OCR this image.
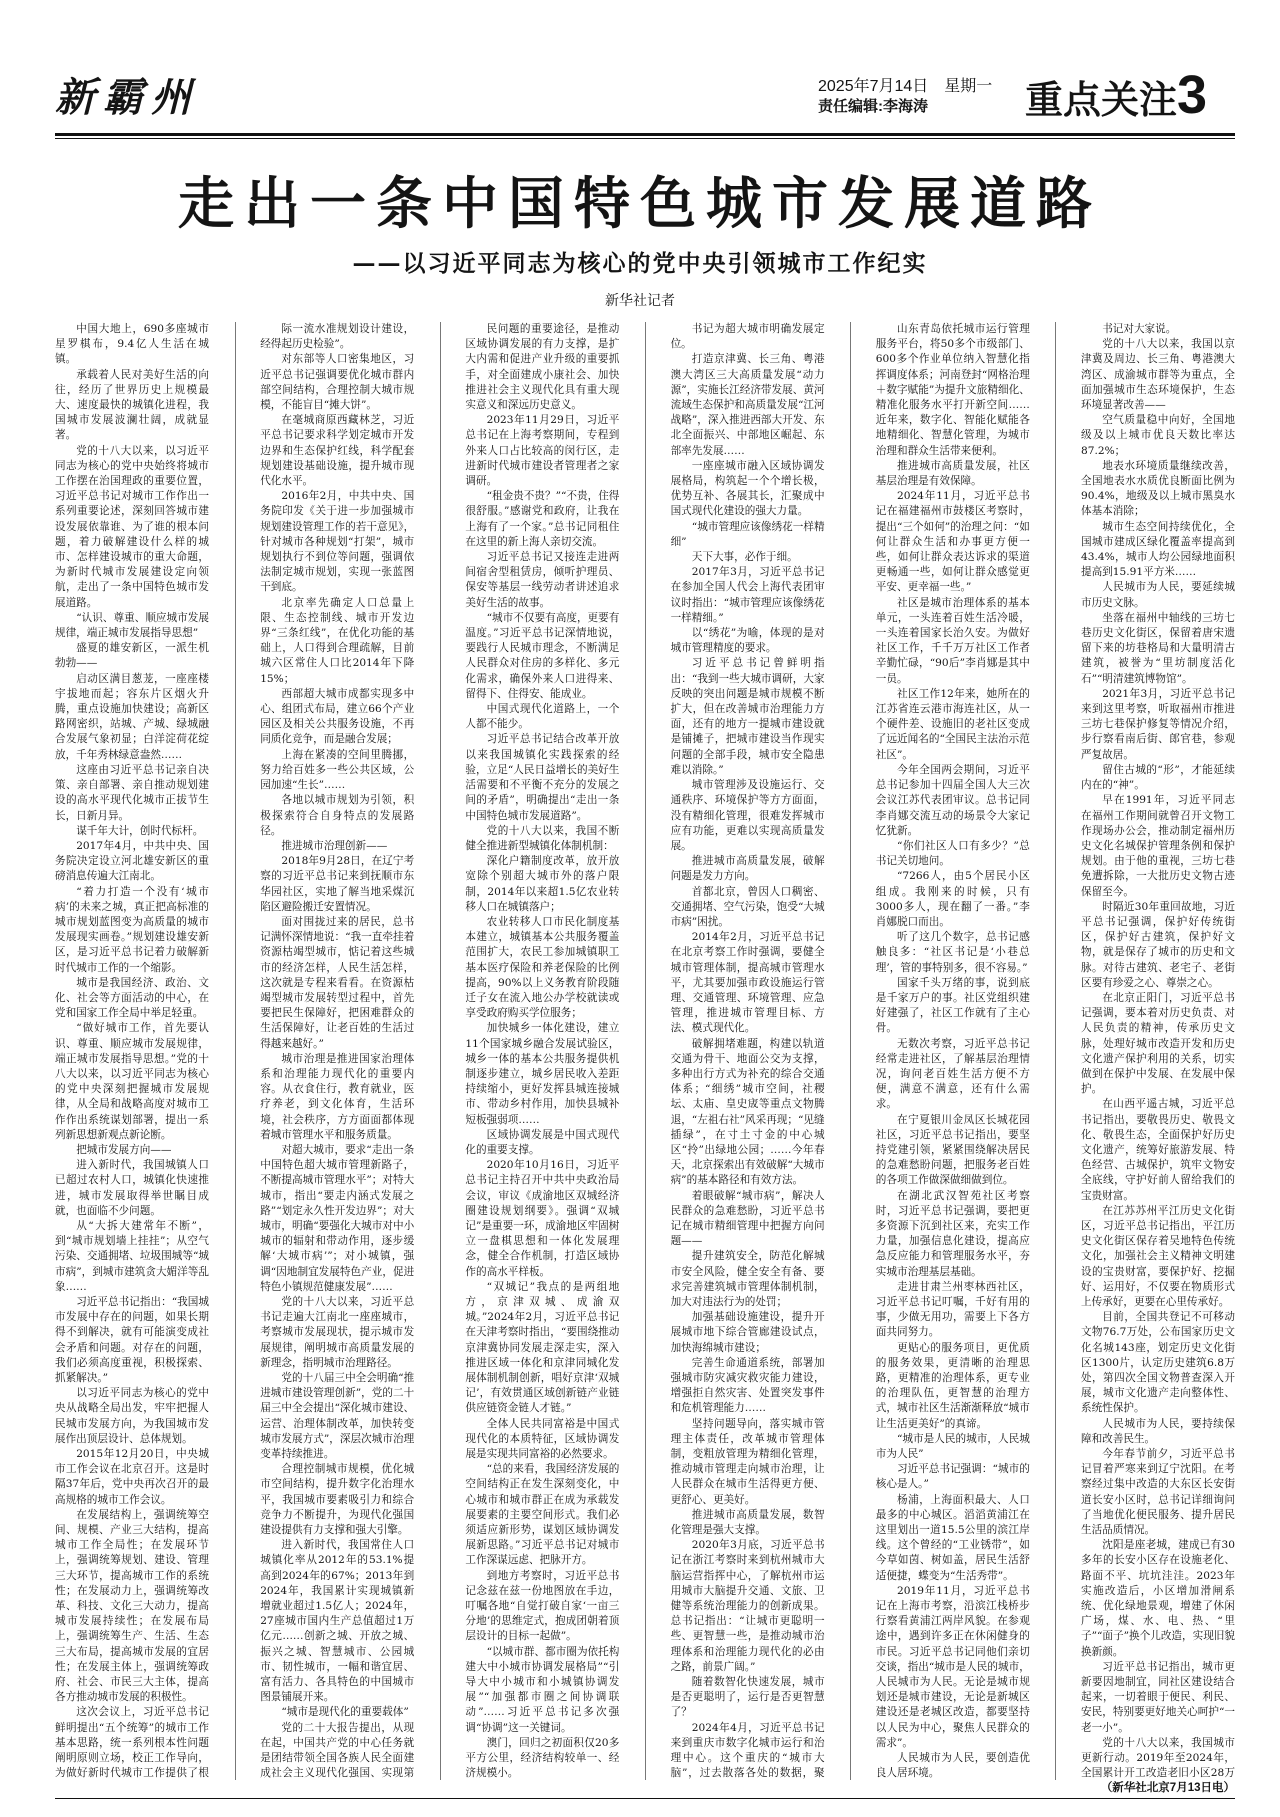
新霸州	2025年7月14日　星期一
责任编辑:李海涛	重点关注3
走出一条中国特色城市发展道路
——以习近平同志为核心的党中央引领城市工作纪实
新华社记者

中国大地上，690多座城市星罗棋布，9.4亿人生活在城镇。

承载着人民对美好生活的向往，经历了世界历史上规模最大、速度最快的城镇化进程，我国城市发展波澜壮阔，成就显著。

党的十八大以来，以习近平同志为核心的党中央始终将城市工作摆在治国理政的重要位置，习近平总书记对城市工作作出一系列重要论述，深刻回答城市建设发展依靠谁、为了谁的根本问题，着力破解建设什么样的城市、怎样建设城市的重大命题，为新时代城市发展建设定向领航，走出了一条中国特色城市发展道路。

“认识、尊重、顺应城市发展规律，端正城市发展指导思想”

盛夏的雄安新区，一派生机勃勃——

启动区满目葱茏，一座座楼宇拔地而起；容东片区烟火升腾，重点设施加快建设；高新区路网密织，站城、产城、绿城融合发展气象初显；白洋淀荷花绽放，千年秀林绿意盎然……

这座由习近平总书记亲自决策、亲自部署、亲自推动规划建设的高水平现代化城市正拔节生长，日新月异。

谋千年大计，创时代标杆。

2017年4月，中共中央、国务院决定设立河北雄安新区的重磅消息传遍大江南北。

“着力打造一个没有‘城市病’的未来之城，真正把高标准的城市规划蓝图变为高质量的城市发展现实画卷。”规划建设雄安新区，是习近平总书记着力破解新时代城市工作的一个缩影。

城市是我国经济、政治、文化、社会等方面活动的中心，在党和国家工作全局中举足轻重。

“做好城市工作，首先要认识、尊重、顺应城市发展规律，端正城市发展指导思想。”党的十八大以来，以习近平同志为核心的党中央深刻把握城市发展规律，从全局和战略高度对城市工作作出系统谋划部署，提出一系列新思想新观点新论断。

把城市发展方向——

进入新时代，我国城镇人口已超过农村人口，城镇化快速推进，城市发展取得举世瞩目成就，也面临不少问题。

从“大拆大建常年不断”，到“城市规划墙上挂挂”；从空气污染、交通拥堵、垃圾围城等“城市病”，到城市建筑贪大媚洋等乱象……

习近平总书记指出：“我国城市发展中存在的问题，如果长期得不到解决，就有可能演变成社会矛盾和问题。对存在的问题，我们必须高度重视，积极探索、抓紧解决。”

以习近平同志为核心的党中央从战略全局出发，牢牢把握人民城市发展方向，为我国城市发展作出顶层设计、总体规划。

2015年12月20日，中央城市工作会议在北京召开。这是时隔37年后，党中央再次召开的最高规格的城市工作会议。

在发展结构上，强调统筹空间、规模、产业三大结构，提高城市工作全局性；在发展环节上，强调统筹规划、建设、管理三大环节，提高城市工作的系统性；在发展动力上，强调统筹改革、科技、文化三大动力，提高城市发展持续性；在发展布局上，强调统筹生产、生活、生态三大布局，提高城市发展的宜居性；在发展主体上，强调统筹政府、社会、市民三大主体，提高各方推动城市发展的积极性。

这次会议上，习近平总书记鲜明提出“五个统筹”的城市工作基本思路，统一系列根本性问题阐明原则立场，校正工作导向，为做好新时代城市工作提供了根

际一流水准规划设计建设，经得起历史检验”。

对东部等人口密集地区，习近平总书记强调要优化城市群内部空间结构，合理控制大城市规模，不能盲目“摊大饼”。

在毫城商原西藏林芝，习近平总书记要求科学划定城市开发边界和生态保护红线，科学配套规划建设基础设施，提升城市现代化水平。

2016年2月，中共中央、国务院印发《关于进一步加强城市规划建设管理工作的若干意见》，针对城市各种规划“打架”，城市规划执行不到位等问题，强调依法制定城市规划，实现一张蓝图干到底。

北京率先确定人口总量上限、生态控制线、城市开发边界“三条红线”，在优化功能的基础上，人口得到合理疏解，目前城六区常住人口比2014年下降15%；

西部超大城市成都实现多中心、组团式布局，建立66个产业园区及相关公共服务设施，不再同质化竞争，而是融合发展；

上海在紧凑的空间里腾挪，努力给百姓多一些公共区域，公园加速“生长”……

各地以城市规划为引领，积极探索符合自身特点的发展路径。

推进城市治理创新——

2018年9月28日，在辽宁考察的习近平总书记来到抚顺市东华园社区，实地了解当地采煤沉陷区避险搬迁安置情况。

面对围拢过来的居民，总书记满怀深情地说：“我一直牵挂着资源枯竭型城市，惦记着这些城市的经济怎样，人民生活怎样，这次就是专程来看看。在资源枯竭型城市发展转型过程中，首先要把民生保障好，把困难群众的生活保障好，让老百姓的生活过得越来越好。”

城市治理是推进国家治理体系和治理能力现代化的重要内容。从衣食住行，教育就业，医疗养老，到文化体育，生活环境，社会秩序，方方面面都体现着城市管理水平和服务质量。

对超大城市，要求“走出一条中国特色超大城市管理新路子，不断提高城市管理水平”；对特大城市，指出“要走内涵式发展之路”“划定永久性开发边界”；对大城市，明确“要强化大城市对中小城市的辐射和带动作用，逐步缓解‘大城市病’”；对小城镇，强调“因地制宜发展特色产业，促进特色小镇规范健康发展”……

党的十八大以来，习近平总书记走遍大江南北一座座城市，考察城市发展现状，提示城市发展规律，阐明城市高质量发展的新理念，指明城市治理路径。

党的十八届三中全会明确“推进城市建设管理创新”，党的二十届三中全会提出“深化城市建设、运营、治理体制改革，加快转变城市发展方式”，深层次城市治理变革持续推进。

合理控制城市规模，优化城市空间结构，提升数字化治理水平，我国城市要素吸引力和综合竞争力不断提升，为现代化强国建设提供有力支撑和强大引擎。

进入新时代，我国常住人口城镇化率从2012年的53.1%提高到2024年的67%；2013年到2024年，我国累计实现城镇新增就业超过1.5亿人；2024年，27座城市国内生产总值超过1万亿元……创新之城、开放之城、振兴之城、智慧城市、公园城市、韧性城市，一幅和谐宜居、富有活力、各具特色的中国城市图景铺展开来。

“城市是现代化的重要载体”

党的二十大报告提出，从现在起，中国共产党的中心任务就是团结带领全国各族人民全面建成社会主义现代化强国、实现第

民问题的重要途径，是推动区域协调发展的有力支撑，是扩大内需和促进产业升级的重要抓手，对全面建成小康社会、加快推进社会主义现代化具有重大现实意义和深远历史意义。

2023年11月29日，习近平总书记在上海考察期间，专程到外来人口占比较高的闵行区，走进新时代城市建设者管理者之家调研。

“租金贵不贵？”“不贵，住得很舒服。”感谢党和政府，让我在上海有了一个家。”总书记同租住在这里的新上海人亲切交流。

习近平总书记又接连走进两间宿舍型租赁房，倾听护理员、保安等基层一线劳动者讲述追求美好生活的故事。

“城市不仅要有高度，更要有温度。”习近平总书记深情地说，要践行人民城市理念，不断满足人民群众对住房的多样化、多元化需求，确保外来人口进得来、留得下、住得安、能成业。

中国式现代化道路上，一个人都不能少。

习近平总书记结合改革开放以来我国城镇化实践探索的经验，立足“人民日益增长的美好生活需要和不平衡不充分的发展之间的矛盾”，明确提出“走出一条中国特色城市发展道路”。

党的十八大以来，我国不断健全推进新型城镇化体制机制：

深化户籍制度改革，放开放宽除个别超大城市外的落户限制，2014年以来超1.5亿农业转移人口在城镇落户；

农业转移人口市民化制度基本建立，城镇基本公共服务覆盖范围扩大，农民工参加城镇职工基本医疗保险和养老保险的比例提高，90%以上义务教育阶段随迁子女在流入地公办学校就读或享受政府购买学位服务；

加快城乡一体化建设，建立11个国家城乡融合发展试验区，城乡一体的基本公共服务提供机制逐步建立，城乡居民收入差距持续缩小，更好发挥县城连接城市、带动乡村作用，加快县城补短板强弱项……

区域协调发展是中国式现代化的重要支撑。

2020年10月16日，习近平总书记主持召开中共中央政治局会议，审议《成渝地区双城经济圈建设规划纲要》。强调“双城记”是重要一环，成渝地区牢固树立一盘棋思想和一体化发展理念，健全合作机制，打造区域协作的高水平样板。

“双城记”我点的是两组地方，京津双城、成渝双城。”2024年2月，习近平总书记在天津考察时指出，“要围绕推动京津冀协同发展走深走实，深入推进区域一体化和京津同城化发展体制机制创新，唱好京津‘双城记’，有效贯通区域创新链产业链供应链资金链人才链。”

全体人民共同富裕是中国式现代化的本质特征，区域协调发展是实现共同富裕的必然要求。

“总的来看，我国经济发展的空间结构正在发生深刻变化，中心城市和城市群正在成为承载发展要素的主要空间形式。我们必须适应新形势，谋划区域协调发展新思路。”习近平总书记对城市工作深谋远虑、把脉开方。

到地方考察时，习近平总书记念兹在兹一份地图放在手边，叮嘱各地“自觉打破自家‘一亩三分地’的思维定式，抱成团朝着顶层设计的目标一起做”。

“以城市群、都市圈为依托构建大中小城市协调发展格局”“引导大中小城市和小城镇协调发展”“加强都市圈之间协调联动”……习近平总书记多次强调“协调”这一关键词。

澳门，回归之初面积仅20多平方公里，经济结构较单一、经济规模小。

书记为超大城市明确发展定位。

打造京津冀、长三角、粤港澳大湾区三大高质量发展“动力源”，实施长江经济带发展、黄河流域生态保护和高质量发展“江河战略”，深入推进西部大开发、东北全面振兴、中部地区崛起、东部率先发展……

一座座城市融入区域协调发展格局，构筑起一个个增长极，优势互补、各展其长，汇聚成中国式现代化建设的强大力量。

“城市管理应该像绣花一样精细”

天下大事，必作于细。

2017年3月，习近平总书记在参加全国人代会上海代表团审议时指出：“城市管理应该像绣花一样精细。”

以“绣花”为喻，体现的是对城市管理精度的要求。

习近平总书记曾鲜明指出：“我到一些大城市调研，大家反映的突出问题是城市规模不断扩大，但在改善城市治理能力方面，还有的地方一提城市建设就是铺摊子，把城市建设当作现实问题的全部手段，城市安全隐患难以消除。”

城市管理涉及设施运行、交通秩序、环境保护等方方面面，没有精细化管理，很难发挥城市应有功能，更难以实现高质量发展。

推进城市高质量发展，破解问题是发力方向。

首都北京，曾因人口稠密、交通拥堵、空气污染，饱受“大城市病”困扰。

2014年2月，习近平总书记在北京考察工作时强调，要健全城市管理体制，提高城市管理水平，尤其要加强市政设施运行管理、交通管理、环境管理、应急管理，推进城市管理目标、方法、模式现代化。

破解拥堵难题，构建以轨道交通为骨干、地面公交为支撑，多种出行方式为补充的综合交通体系；“细绣”城市空间，社稷坛、太庙、皇史宬等重点文物腾退，“左祖右社”风采再现；“见缝插绿”，在寸土寸金的中心城区“拎”出绿地公园；……今年春天，北京探索出有效破解“大城市病”的基本路径和有效方法。

着眼破解“城市病”，解决人民群众的急难愁盼，习近平总书记在城市精细管理中把握方向问题——

提升建筑安全，防范化解城市安全风险，健全安全有备、要求完善建筑城市管理体制机制，加大对违法行为的处罚；

加强基础设施建设，提升开展城市地下综合管廊建设试点，加快海绵城市建设；

完善生命通道系统，部署加强城市防灾减灾救灾能力建设，增强拒自然灾害、处置突发事件和危机管理能力……

坚持问题导向，落实城市管理主体责任，改革城市管理体制，变粗放管理为精细化管理，推动城市管理走向城市治理，让人民群众在城市生活得更方便、更舒心、更美好。

推进城市高质量发展，数智化管理是强大支撑。

2020年3月底，习近平总书记在浙江考察时来到杭州城市大脑运营指挥中心，了解杭州市运用城市大脑提升交通、文旅、卫健等系统治理能力的创新成果。总书记指出：“让城市更聪明一些、更智慧一些，是推动城市治理体系和治理能力现代化的必由之路，前景广阔。”

随着数智化快速发展，城市是否更聪明了，运行是否更智慧了？

2024年4月，习近平总书记来到重庆市数字化城市运行和治理中心。这个重庆的“城市大脑”，过去散落各处的数据，聚

山东青岛依托城市运行管理服务平台，将50多个市级部门、600多个作业单位纳入智慧化指挥调度体系；河南登封“网格治理＋数字赋能”为提升文旅精细化、精准化服务水平打开新空间……近年来，数字化、智能化赋能各地精细化、智慧化管理，为城市治理和群众生活带来便利。

推进城市高质量发展，社区基层治理是有效保障。

2024年11月，习近平总书记在福建福州市鼓楼区考察时，提出“三个如何”的治理之问：“如何让群众生活和办事更方便一些，如何让群众表达诉求的渠道更畅通一些，如何让群众感觉更平安、更幸福一些。”

社区是城市治理体系的基本单元，一头连着百姓生活冷暖，一头连着国家长治久安。为做好社区工作，千千万万社区工作者辛勤忙碌，“90后”李肖娜是其中一员。

社区工作12年来，她所在的江苏省连云港市海连社区，从一个硬件差、设施旧的老社区变成了远近闻名的“全国民主法治示范社区”。

今年全国两会期间，习近平总书记参加十四届全国人大三次会议江苏代表团审议。总书记同李肖娜交流互动的场景令大家记忆犹新。

“你们社区人口有多少？”总书记关切地问。

“7266人，由5个居民小区组成。我刚来的时候，只有3000多人，现在翻了一番。”李肖娜脱口而出。

听了这几个数字，总书记感触良多：“社区书记是‘小巷总理’，管的事特别多，很不容易。”

国家千头万绪的事，说到底是千家万户的事。社区党组织建好建强了，社区工作就有了主心骨。

无数次考察，习近平总书记经常走进社区，了解基层治理情况，询问老百姓生活方便不方便，满意不满意，还有什么需求。

在宁夏银川金凤区长城花园社区，习近平总书记指出，要坚持党建引领，紧紧围绕解决居民的急难愁盼问题，把服务老百姓的各项工作做深做细做到位。

在湖北武汉智苑社区考察时，习近平总书记强调，要把更多资源下沉到社区来，充实工作力量，加强信息化建设，提高应急反应能力和管理服务水平，夯实城市治理基层基础。

走进甘肃兰州枣林西社区，习近平总书记叮嘱，千好有用的事，少做无用功，需要上下各方面共同努力。

更贴心的服务项目，更优质的服务效果，更清晰的治理思路，更精准的治理体系，更专业的治理队伍，更智慧的治理方式，城市社区生活渐渐释放“城市让生活更美好”的真谛。

“城市是人民的城市，人民城市为人民”

习近平总书记强调：“城市的核心是人。”

杨浦，上海面积最大、人口最多的中心城区。滔滔黄浦江在这里划出一道15.5公里的滨江岸线。这个曾经的“工业锈带”，如今草如茵、树如盖，居民生活舒适便捷，蝶变为“生活秀带”。

2019年11月，习近平总书记在上海市考察，沿滨江栈桥步行察看黄浦江两岸风貌。在参观途中，遇到许多正在休闲健身的市民。习近平总书记同他们亲切交谈，指出“城市是人民的城市，人民城市为人民。无论是城市规划还是城市建设，无论是新城区建设还是老城区改造，都要坚持以人民为中心，聚焦人民群众的需求”。

人民城市为人民，要创造优良人居环境。

书记对大家说。

党的十八大以来，我国以京津冀及周边、长三角、粤港澳大湾区、成渝城市群等为重点，全面加强城市生态环境保护，生态环境显著改善——

空气质量稳中向好，全国地级及以上城市优良天数比率达87.2%；

地表水环境质量继续改善，全国地表水水质优良断面比例为90.4%，地级及以上城市黑臭水体基本消除；

城市生态空间持续优化，全国城市建成区绿化覆盖率提高到43.4%，城市人均公园绿地面积提高到15.91平方米……

人民城市为人民，要延续城市历史文脉。

坐落在福州中轴线的三坊七巷历史文化街区，保留着唐宋遗留下来的坊巷格局和大量明清古建筑，被誉为“里坊制度活化石”“明清建筑博物馆”。

2021年3月，习近平总书记来到这里考察，听取福州市推进三坊七巷保护修复等情况介绍，步行察看南后街、郎官巷，参观严复故居。

留住古城的“形”，才能延续内在的“神”。

早在1991年，习近平同志在福州工作期间就曾召开文物工作现场办公会，推动制定福州历史文化名城保护管理条例和保护规划。由于他的重视，三坊七巷免遭拆除，一大批历史文物古迹保留至今。

时隔近30年重回故地，习近平总书记强调，保护好传统街区，保护好古建筑，保护好文物，就是保存了城市的历史和文脉。对待古建筑、老宅子、老街区要有珍爱之心、尊崇之心。

在北京正阳门，习近平总书记强调，要本着对历史负责、对人民负责的精神，传承历史文脉，处理好城市改造开发和历史文化遗产保护利用的关系，切实做到在保护中发展、在发展中保护。

在山西平遥古城，习近平总书记指出，要敬畏历史、敬畏文化、敬畏生态，全面保护好历史文化遗产，统筹好旅游发展、特色经营、古城保护，筑牢文物安全底线，守护好前人留给我们的宝贵财富。

在江苏苏州平江历史文化街区，习近平总书记指出，平江历史文化街区保存着吴地特色传统文化，加强社会主义精神文明建设的宝贵财富，要保护好、挖掘好、运用好，不仅要在物质形式上传承好，更要在心里传承好。

目前，全国共登记不可移动文物76.7万处，公布国家历史文化名城143座，划定历史文化街区1300片，认定历史建筑6.8万处，第四次全国文物普查深入开展，城市文化遗产走向整体性、系统性保护。

人民城市为人民，要持续保障和改善民生。

今年春节前夕，习近平总书记冒着严寒来到辽宁沈阳。在考察经过集中改造的大东区长安街道长安小区时，总书记详细询问了当地优化便民服务、提升居民生活品质情况。

沈阳是座老城，建成已有30多年的长安小区存在设施老化、路面不平、坑坑洼洼。2023年实施改造后，小区增加滑闸系统、优化绿地景观，增建了休闲广场，煤、水、电、热、“里子”“面子”换个儿改造，实现旧貌换新颜。

习近平总书记指出，城市更新要因地制宜，同社区建设结合起来，一切着眼于便民、利民、安民，特别要更好地关心呵护“一老一小”。

党的十八大以来，我国城市更新行动。2019年至2024年，全国累计开工改造老旧小区28万

（新华社北京7月13日电）
